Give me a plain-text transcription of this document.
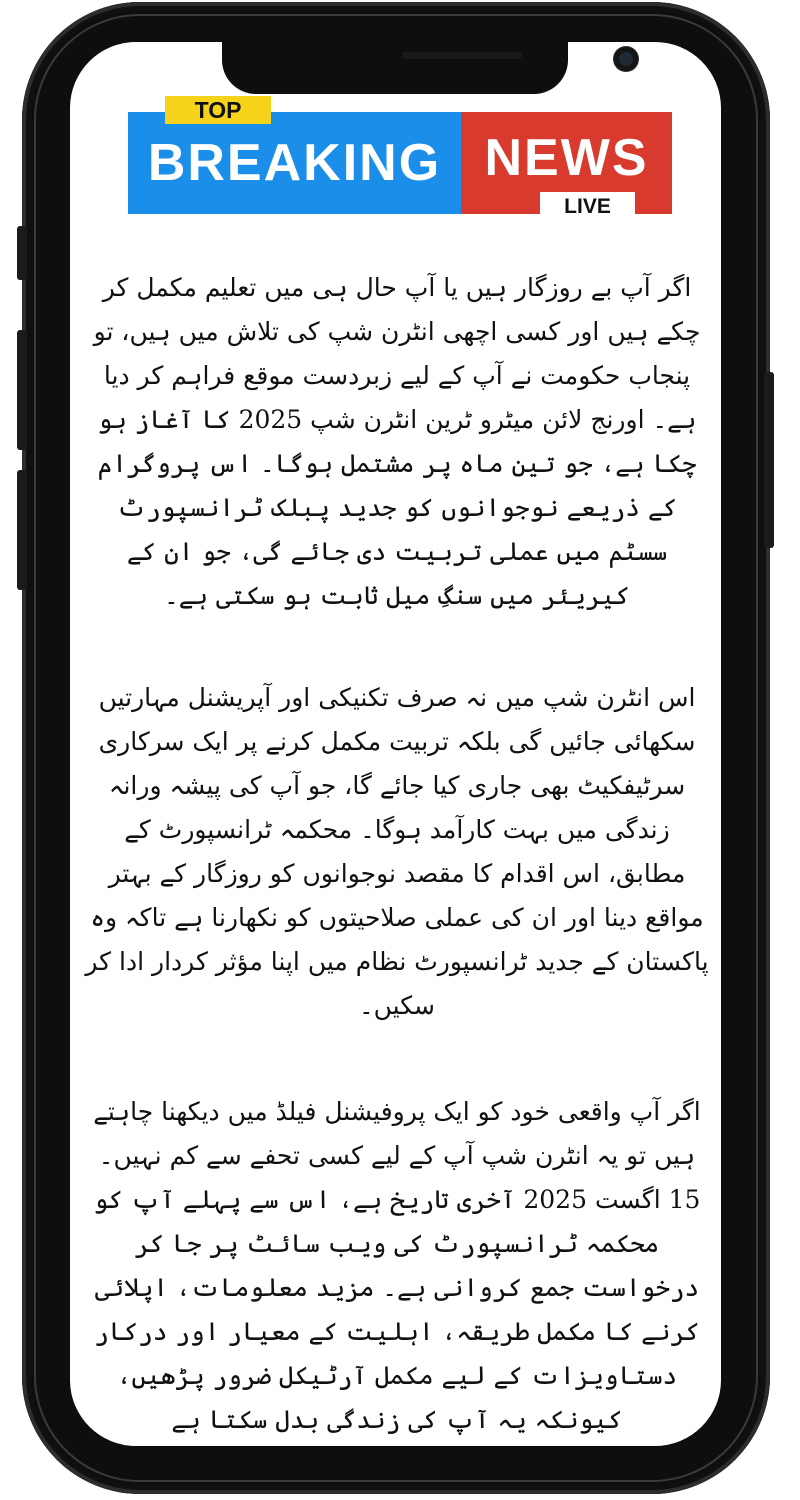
BREAKING NEWS
TOP
LIVE

اگر آپ بے روزگار ہیں یا آپ حال ہی میں تعلیم مکمل کر چکے ہیں اور کسی اچھی انٹرن شپ کی تلاش میں ہیں، تو پنجاب حکومت نے آپ کے لیے زبردست موقع فراہم کر دیا ہے۔ اورنج لائن میٹرو ٹرین انٹرن شپ 2025 کا آغاز ہو چکا ہے، جو تین ماہ پر مشتمل ہوگا۔ اس پروگرام کے ذریعے نوجوانوں کو جدید پبلک ٹرانسپورٹ سسٹم میں عملی تربیت دی جائے گی، جو ان کے کیریئر میں سنگِ میل ثابت ہو سکتی ہے۔

اس انٹرن شپ میں نہ صرف تکنیکی اور آپریشنل مہارتیں سکھائی جائیں گی بلکہ تربیت مکمل کرنے پر ایک سرکاری سرٹیفکیٹ بھی جاری کیا جائے گا، جو آپ کی پیشہ ورانہ زندگی میں بہت کارآمد ہوگا۔ محکمہ ٹرانسپورٹ کے مطابق، اس اقدام کا مقصد نوجوانوں کو روزگار کے بہتر مواقع دینا اور ان کی عملی صلاحیتوں کو نکھارنا ہے تاکہ وہ پاکستان کے جدید ٹرانسپورٹ نظام میں اپنا مؤثر کردار ادا کر سکیں۔

اگر آپ واقعی خود کو ایک پروفیشنل فیلڈ میں دیکھنا چاہتے ہیں تو یہ انٹرن شپ آپ کے لیے کسی تحفے سے کم نہیں۔ 15 اگست 2025 آخری تاریخ ہے، اس سے پہلے آپ کو محکمہ ٹرانسپورٹ کی ویب سائٹ پر جا کر درخواست جمع کروانی ہے۔ مزید معلومات، اپلائی کرنے کا مکمل طریقہ، اہلیت کے معیار اور درکار دستاویزات کے لیے مکمل آرٹیکل ضرور پڑھیں، کیونکہ یہ آپ کی زندگی بدل سکتا ہے
